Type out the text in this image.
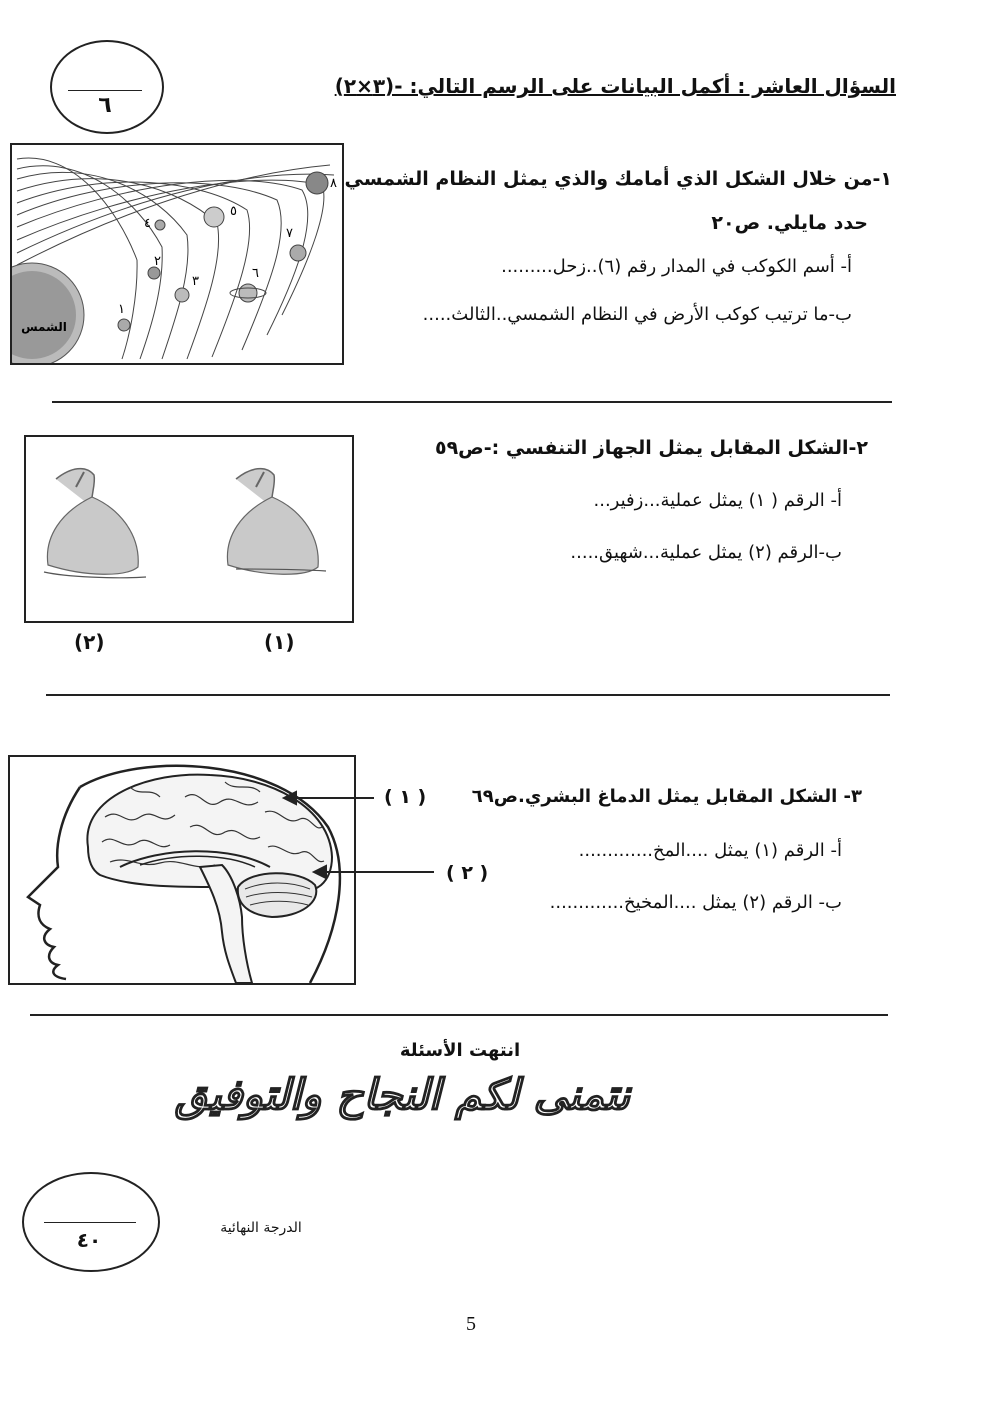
٦
السؤال العاشر : أكمل البيانات على الرسم التالي: -(٣×٢)
الشمس
١
٢
٣
٤
٥
٦
٧
٨ ١-من خلال الشكل الذي أمامك والذي يمثل النظام الشمسي
حدد مايلي. ص٢٠
أ- أسم الكوكب في المدار رقم (٦)..زحل.........
ب-ما ترتيب كوكب الأرض في النظام الشمسي..الثالث.....
(٢)	(١)
٢-الشكل المقابل يمثل الجهاز التنفسي :-ص٥٩
أ- الرقم ( ١) يمثل عملية...زفير...
ب-الرقم (٢) يمثل عملية...شهيق.....
( ١ )
( ٢ )
٣- الشكل المقابل يمثل الدماغ البشري.ص٦٩
أ- الرقم (١) يمثل ....المخ.............
ب- الرقم (٢) يمثل ....المخيخ.............
انتهت الأسئلة
نتمنى لكم النجاح والتوفيق
٤٠	الدرجة النهائية
5
